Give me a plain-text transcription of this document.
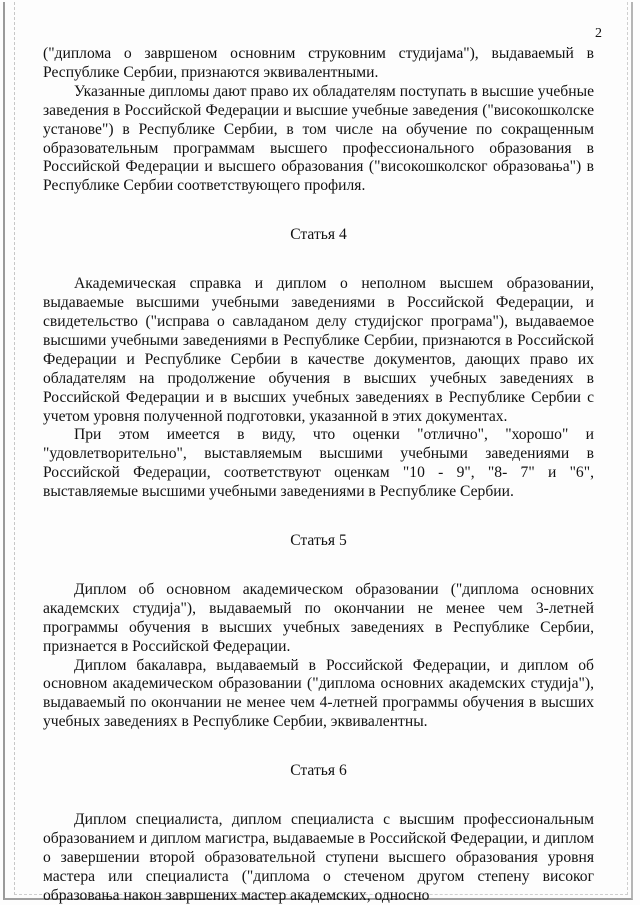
2

("диплома о завршеном основним струковним студијама"), выдаваемый в Республике Сербии, признаются эквивалентными.

Указанные дипломы дают право их обладателям поступать в высшие учебные заведения в Российской Федерации и высшие учебные заведения ("високошколске установе") в Республике Сербии, в том числе на обучение по сокращенным образовательным программам высшего профессионального образования в Российской Федерации и высшего образования ("високошколског образовања") в Республике Сербии соответствующего профиля.

Статья 4

Академическая справка и диплом о неполном высшем образовании, выдаваемые высшими учебными заведениями в Российской Федерации, и свидетельство ("исправа о савладаном делу студијског програма"), выдаваемое высшими учебными заведениями в Республике Сербии, признаются в Российской Федерации и Республике Сербии в качестве документов, дающих право их обладателям на продолжение обучения в высших учебных заведениях в Российской Федерации и в высших учебных заведениях в Республике Сербии с учетом уровня полученной подготовки, указанной в этих документах.

При этом имеется в виду, что оценки "отлично", "хорошо" и "удовлетворительно", выставляемым высшими учебными заведениями в Российской Федерации, соответствуют оценкам "10 - 9", "8- 7" и "6", выставляемые высшими учебными заведениями в Республике Сербии.

Статья 5

Диплом об основном академическом образовании ("диплома основних академских студија"), выдаваемый по окончании не менее чем 3-летней программы обучения в высших учебных заведениях в Республике Сербии, признается в Российской Федерации.

Диплом бакалавра, выдаваемый в Российской Федерации, и диплом об основном академическом образовании ("диплома основних академских студија"), выдаваемый по окончании не менее чем 4-летней программы обучения в высших учебных заведениях в Республике Сербии, эквивалентны.

Статья 6

Диплом специалиста, диплом специалиста с высшим профессиональным образованием и диплом магистра, выдаваемые в Российской Федерации, и диплом о завершении второй образовательной ступени высшего образования уровня мастера или специалиста ("диплома о стеченом другом степену високог образовања након завршених мастер академских, односно
